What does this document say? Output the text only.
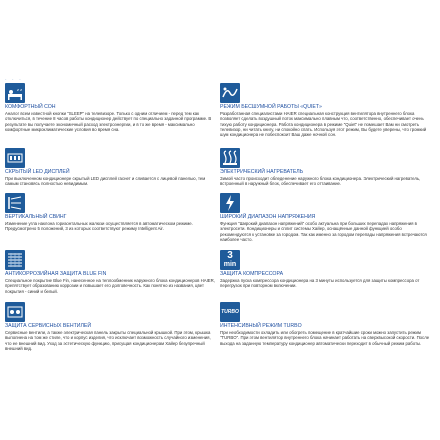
· · ·
z z
КОМФОРТНЫЙ СОН
Аналог всем известной кнопки "SLEEP" на телевизоре. Только с одним отличием - перед тем как отключиться, в течение 8 часов работы кондиционер действует по специально заданной программе. В результате вы получаете экономичный расход электроэнергии, и в то же время - максимально комфортные микроклиматические условия во время сна.
СКРЫТЫЙ LED ДИСПЛЕЙ
При выключенном кондиционере скрытый LED дисплей гаснет и сливается с лицевой панелью, тем самым становясь полностью невидимым.
ВЕРТИКАЛЬНЫЙ СВИНГ
Изменение угла наклона горизонтальных жалюзи осуществляется в автоматическом режиме. Предусмотрено 5 положений, 3 из которых соответствуют режиму Intelligent Air.
АНТИКОРРОЗИЙНАЯ ЗАЩИТА BLUE FIN
Специальное покрытие Blue Fin, нанесенное на теплообменник наружного блока кондиционеров HAIER, препятствует образованию коррозии и повышает его долговечность. Как понятно из названия, цвет покрытия - синий и белый.
ЗАЩИТА СЕРВИСНЫХ ВЕНТИЛЕЙ
Сервисные вентили, а также электрическая панель закрыты специальной крышкой. При этом, крышка выполнена на том же стиле, что и корпус изделия, что исключает возможность случайного изменения, что ее внешний вид. Уход за эстетическую функцию, присущая кондиционерам Хайер безупречный внешний вид.
РЕЖИМ БЕСШУМНОЙ РАБОТЫ «QUIET»
Разработанная специалистами HAIER специальная конструкция вентилятора внутреннего блока позволяет сделать воздушный поток максимально плавным что, соответственно, обеспечивает очень тихую работу кондиционера. Работа кондиционера в режиме "Quiet" не помешает Вам ни смотреть телевизор, ни читать книгу, ни спокойно спать. Используя этот режим, Вы будете уверены, что громкий шум кондиционера не побеспокоит Ваш даже ночной сон.
ЭЛЕКТРИЧЕСКИЙ НАГРЕВАТЕЛЬ
Зимой часто происходит обледенение наружного блока кондиционера. Электрический нагреватель, встроенный в наружный блок, обеспечивает его оттаивание.
ШИРОКИЙ ДИАПАЗОН НАПРЯЖЕНИЯ
Функция "Широкий диапазон напряжений" особо актуальна при больших перепадах напряжения в электросети. Кондиционеры и сплит системы Хайер, оснащённые данной функцией особо рекомендуются к установке за городом. Так как именно за городом перепады напряжения встречаются наиболее часто.
3
min
ЗАЩИТА КОМПРЕССОРА
Задержка пуска компрессора кондиционера на 3 минуты используется для защиты компрессора от перегрузок при повторном включении.
TURBO
ИНТЕНСИВНЫЙ РЕЖИМ TURBO
При необходимости охладить или обогреть помещение в кратчайшие сроки можно запустить режим "TURBO". При этом вентилятор внутреннего блока начинает работать на сверхвысокой скорости. После выхода на заданную температуру кондиционер автоматически переходит в обычный режим работы.
